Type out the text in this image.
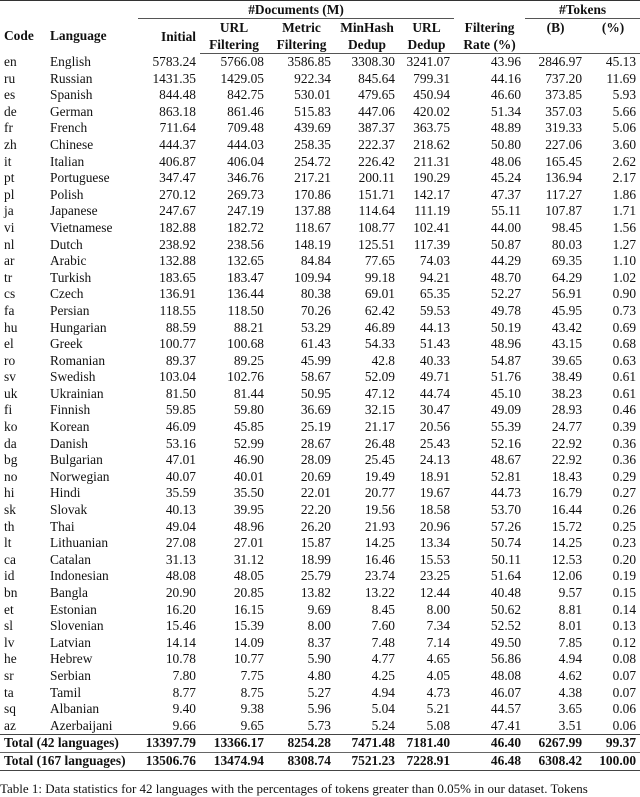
Code	Language	#Documents (M)						#Tokens	
		Initial	URL	Metric	MinHash	URL	Filtering	(B)	(%)
			Filtering	Filtering	Dedup	Dedup	Rate (%)		
en	English	5783.24	5766.08	3586.85	3308.30	3241.07	43.96	2846.97	45.13
ru	Russian	1431.35	1429.05	922.34	845.64	799.31	44.16	737.20	11.69
es	Spanish	844.48	842.75	530.01	479.65	450.94	46.60	373.85	5.93
de	German	863.18	861.46	515.83	447.06	420.02	51.34	357.03	5.66
fr	French	711.64	709.48	439.69	387.37	363.75	48.89	319.33	5.06
zh	Chinese	444.37	444.03	258.35	222.37	218.62	50.80	227.06	3.60
it	Italian	406.87	406.04	254.72	226.42	211.31	48.06	165.45	2.62
pt	Portuguese	347.47	346.76	217.21	200.11	190.29	45.24	136.94	2.17
pl	Polish	270.12	269.73	170.86	151.71	142.17	47.37	117.27	1.86
ja	Japanese	247.67	247.19	137.88	114.64	111.19	55.11	107.87	1.71
vi	Vietnamese	182.88	182.72	118.67	108.77	102.41	44.00	98.45	1.56
nl	Dutch	238.92	238.56	148.19	125.51	117.39	50.87	80.03	1.27
ar	Arabic	132.88	132.65	84.84	77.65	74.03	44.29	69.35	1.10
tr	Turkish	183.65	183.47	109.94	99.18	94.21	48.70	64.29	1.02
cs	Czech	136.91	136.44	80.38	69.01	65.35	52.27	56.91	0.90
fa	Persian	118.55	118.50	70.26	62.42	59.53	49.78	45.95	0.73
hu	Hungarian	88.59	88.21	53.29	46.89	44.13	50.19	43.42	0.69
el	Greek	100.77	100.68	61.43	54.33	51.43	48.96	43.15	0.68
ro	Romanian	89.37	89.25	45.99	42.8	40.33	54.87	39.65	0.63
sv	Swedish	103.04	102.76	58.67	52.09	49.71	51.76	38.49	0.61
uk	Ukrainian	81.50	81.44	50.95	47.12	44.74	45.10	38.23	0.61
fi	Finnish	59.85	59.80	36.69	32.15	30.47	49.09	28.93	0.46
ko	Korean	46.09	45.85	25.19	21.17	20.56	55.39	24.77	0.39
da	Danish	53.16	52.99	28.67	26.48	25.43	52.16	22.92	0.36
bg	Bulgarian	47.01	46.90	28.09	25.45	24.13	48.67	22.92	0.36
no	Norwegian	40.07	40.01	20.69	19.49	18.91	52.81	18.43	0.29
hi	Hindi	35.59	35.50	22.01	20.77	19.67	44.73	16.79	0.27
sk	Slovak	40.13	39.95	22.20	19.56	18.58	53.70	16.44	0.26
th	Thai	49.04	48.96	26.20	21.93	20.96	57.26	15.72	0.25
lt	Lithuanian	27.08	27.01	15.87	14.25	13.34	50.74	14.25	0.23
ca	Catalan	31.13	31.12	18.99	16.46	15.53	50.11	12.53	0.20
id	Indonesian	48.08	48.05	25.79	23.74	23.25	51.64	12.06	0.19
bn	Bangla	20.90	20.85	13.82	13.22	12.44	40.48	9.57	0.15
et	Estonian	16.20	16.15	9.69	8.45	8.00	50.62	8.81	0.14
sl	Slovenian	15.46	15.39	8.00	7.60	7.34	52.52	8.01	0.13
lv	Latvian	14.14	14.09	8.37	7.48	7.14	49.50	7.85	0.12
he	Hebrew	10.78	10.77	5.90	4.77	4.65	56.86	4.94	0.08
sr	Serbian	7.80	7.75	4.80	4.25	4.05	48.08	4.62	0.07
ta	Tamil	8.77	8.75	5.27	4.94	4.73	46.07	4.38	0.07
sq	Albanian	9.40	9.38	5.96	5.04	5.21	44.57	3.65	0.06
az	Azerbaijani	9.66	9.65	5.73	5.24	5.08	47.41	3.51	0.06
Total (42 languages)		13397.79	13366.17	8254.28	7471.48	7181.40	46.40	6267.99	99.37
Total (167 languages)		13506.76	13474.94	8308.74	7521.23	7228.91	46.48	6308.42	100.00
Table 1: Data statistics for 42 languages with the percentages of tokens greater than 0.05% in our dataset. Tokens
